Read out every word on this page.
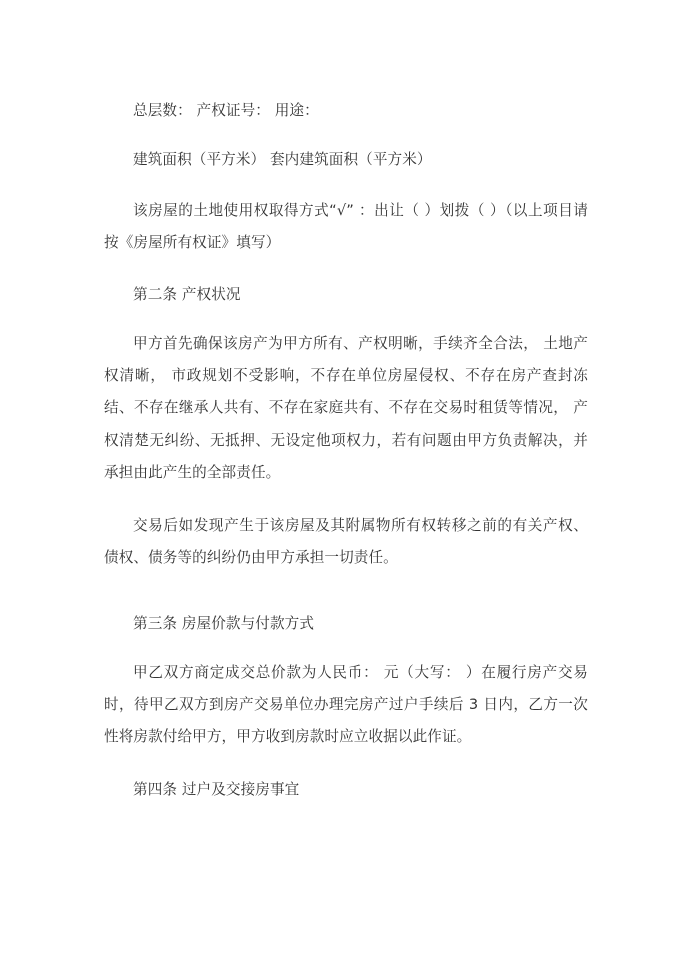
总层数： 产权证号： 用途：

建筑面积（平方米） 套内建筑面积（平方米）

该房屋的土地使用权取得方式“√” ：出让（ ）划拨（ ）（以上项目请按《房屋所有权证》填写）

第二条 产权状况

甲方首先确保该房产为甲方所有、产权明晰，手续齐全合法， 土地产权清晰， 市政规划不受影响，不存在单位房屋侵权、不存在房产查封冻结、不存在继承人共有、不存在家庭共有、不存在交易时租赁等情况， 产权清楚无纠纷、无抵押、无设定他项权力，若有问题由甲方负责解决，并承担由此产生的全部责任。

交易后如发现产生于该房屋及其附属物所有权转移之前的有关产权、债权、债务等的纠纷仍由甲方承担一切责任。

第三条 房屋价款与付款方式

甲乙双方商定成交总价款为人民币： 元（大写： ）在履行房产交易时，待甲乙双方到房产交易单位办理完房产过户手续后 3 日内，乙方一次性将房款付给甲方，甲方收到房款时应立收据以此作证。

第四条 过户及交接房事宜
